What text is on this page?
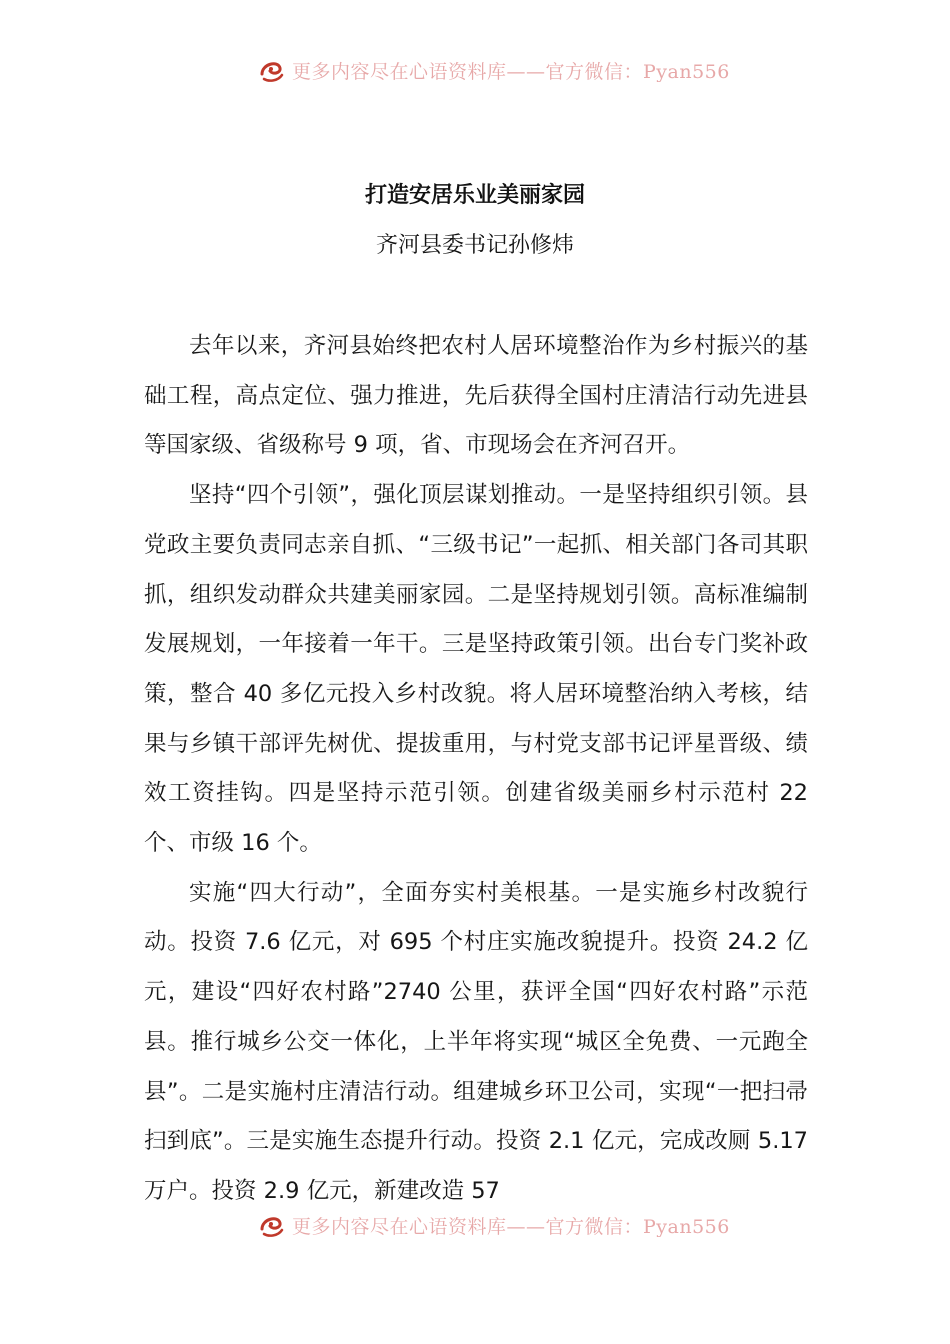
更多内容尽在心语资料库——官方微信：Pyan556
打造安居乐业美丽家园
齐河县委书记孙修炜

去年以来，齐河县始终把农村人居环境整治作为乡村振兴的基础工程，高点定位、强力推进，先后获得全国村庄清洁行动先进县等国家级、省级称号 9 项，省、市现场会在齐河召开。

坚持“四个引领”，强化顶层谋划推动。一是坚持组织引领。县党政主要负责同志亲自抓、“三级书记”一起抓、相关部门各司其职抓，组织发动群众共建美丽家园。二是坚持规划引领。高标准编制发展规划，一年接着一年干。三是坚持政策引领。出台专门奖补政策，整合 40 多亿元投入乡村改貌。将人居环境整治纳入考核，结果与乡镇干部评先树优、提拔重用，与村党支部书记评星晋级、绩效工资挂钩。四是坚持示范引领。创建省级美丽乡村示范村 22 个、市级 16 个。

实施“四大行动”，全面夯实村美根基。一是实施乡村改貌行动。投资 7.6 亿元，对 695 个村庄实施改貌提升。投资 24.2 亿元，建设“四好农村路”2740 公里，获评全国“四好农村路”示范县。推行城乡公交一体化，上半年将实现“城区全免费、一元跑全县”。二是实施村庄清洁行动。组建城乡环卫公司，实现“一把扫帚扫到底”。三是实施生态提升行动。投资 2.1 亿元，完成改厕 5.17 万户。投资 2.9 亿元，新建改造 57

更多内容尽在心语资料库——官方微信：Pyan556
